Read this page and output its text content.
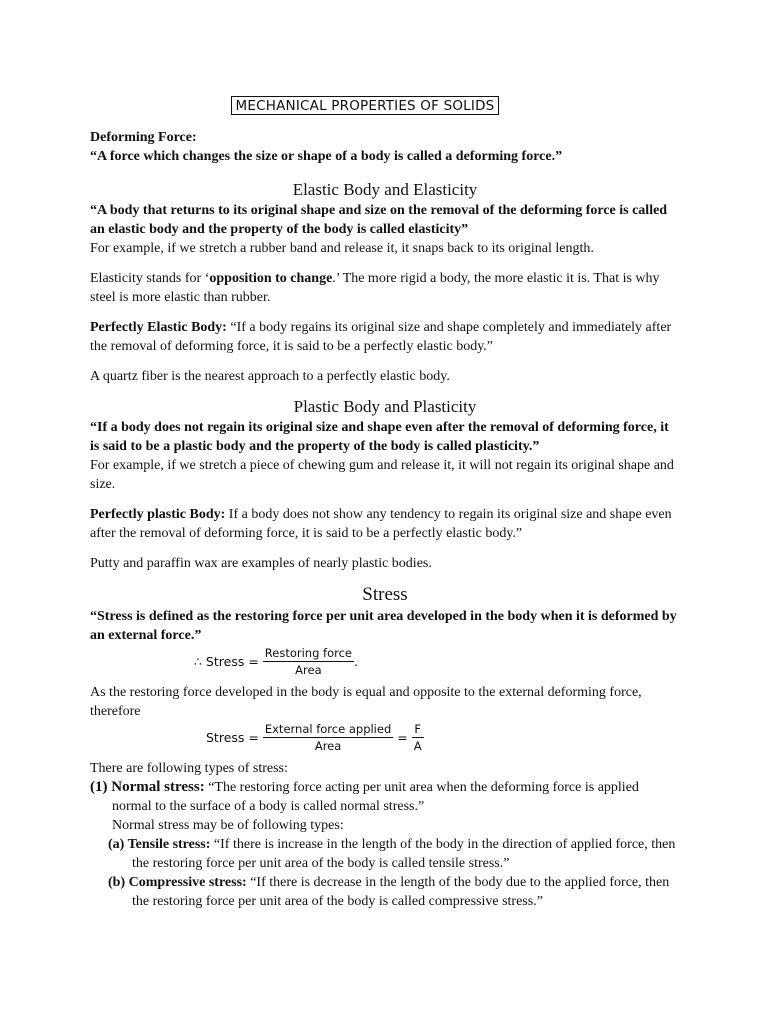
MECHANICAL PROPERTIES OF SOLIDS

Deforming Force:

“A force which changes the size or shape of a body is called a deforming force.”

Elastic Body and Elasticity

“A body that returns to its original shape and size on the removal of the deforming force is called an elastic body and the property of the body is called elasticity”

For example, if we stretch a rubber band and release it, it snaps back to its original length.

Elasticity stands for ‘opposition to change.’ The more rigid a body, the more elastic it is. That is why steel is more elastic than rubber.

Perfectly Elastic Body: “If a body regains its original size and shape completely and immediately after the removal of deforming force, it is said to be a perfectly elastic body.”

A quartz fiber is the nearest approach to a perfectly elastic body.

Plastic Body and Plasticity

“If a body does not regain its original size and shape even after the removal of deforming force, it is said to be a plastic body and the property of the body is called plasticity.”

For example, if we stretch a piece of chewing gum and release it, it will not regain its original shape and size.

Perfectly plastic Body: If a body does not show any tendency to regain its original size and shape even after the removal of deforming force, it is said to be a perfectly elastic body.”

Putty and paraffin wax are examples of nearly plastic bodies.

Stress

“Stress is defined as the restoring force per unit area developed in the body when it is deformed by an external force.”

∴ Stress = $\frac{\text{Restoring force}}{\text{Area}}$ .

As the restoring force developed in the body is equal and opposite to the external deforming force, therefore

Stress = $\frac{\text{External force applied}}{\text{Area}} = \frac{F}{A}$

There are following types of stress:

(1) Normal stress: “The restoring force acting per unit area when the deforming force is applied normal to the surface of a body is called normal stress.”

Normal stress may be of following types:

(a) Tensile stress: “If there is increase in the length of the body in the direction of applied force, then the restoring force per unit area of the body is called tensile stress.”

(b) Compressive stress: “If there is decrease in the length of the body due to the applied force, then the restoring force per unit area of the body is called compressive stress.”
